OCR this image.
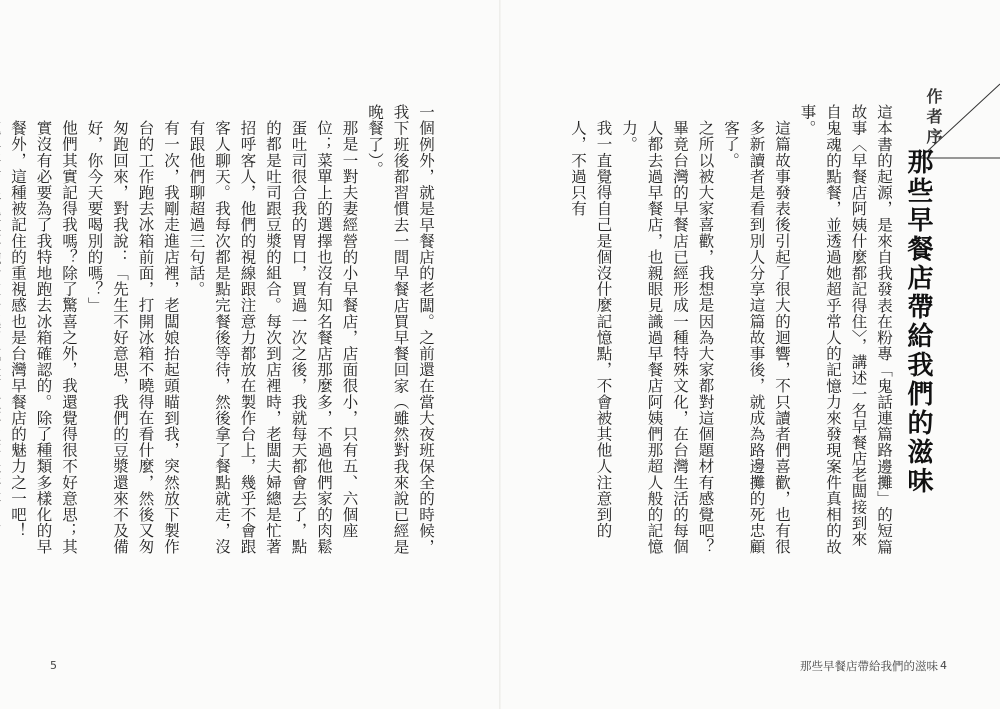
作者序
那些早餐店帶給我們的滋味

這本書的起源，是來自我發表在粉專「鬼話連篇路邊攤」的短篇故事〈早餐店阿姨什麼都記得住〉，講述一名早餐店老闆接到來自鬼魂的點餐，並透過她超乎常人的記憶力來發現案件真相的故事。

這篇故事發表後引起了很大的迴響，不只讀者們喜歡，也有很多新讀者是看到別人分享這篇故事後，就成為路邊攤的死忠顧客了。

之所以被大家喜歡，我想是因為大家都對這個題材有感覺吧？畢竟台灣的早餐店已經形成一種特殊文化，在台灣生活的每個人都去過早餐店，也親眼見識過早餐店阿姨們那超人般的記憶力。

我一直覺得自己是個沒什麼記憶點，不會被其他人注意到的人，不過只有

一個例外，就是早餐店的老闆。之前還在當大夜班保全的時候，我下班後都習慣去一間早餐店買早餐回家（雖然對我來說已經是晚餐了）。

那是一對夫妻經營的小早餐店，店面很小，只有五、六個座位；菜單上的選擇也沒有知名餐店那麼多，不過他們家的肉鬆蛋吐司很合我的胃口，買過一次之後，我就每天都會去了，點的都是吐司跟豆漿的組合。每次到店裡時，老闆夫婦總是忙著招呼客人，他們的視線跟注意力都放在製作台上，幾乎不會跟客人聊天。我每次都是點完餐後等待，然後拿了餐點就走，沒有跟他們聊超過三句話。

有一次，我剛走進店裡，老闆娘抬起頭瞄到我，突然放下製作台的工作跑去冰箱前面，打開冰箱不曉得在看什麼，然後又匆匆跑回來，對我說：「先生不好意思，我們的豆漿還來不及備好，你今天要喝別的嗎？」

他們其實記得我嗎？除了驚喜之外，我還覺得很不好意思；其實沒有必要為了我特地跑去冰箱確認的。除了種類多樣化的早餐外，這種被記住的重視感也是台灣早餐店的魅力之一吧！

5	那些早餐店帶給我們的滋味 4
